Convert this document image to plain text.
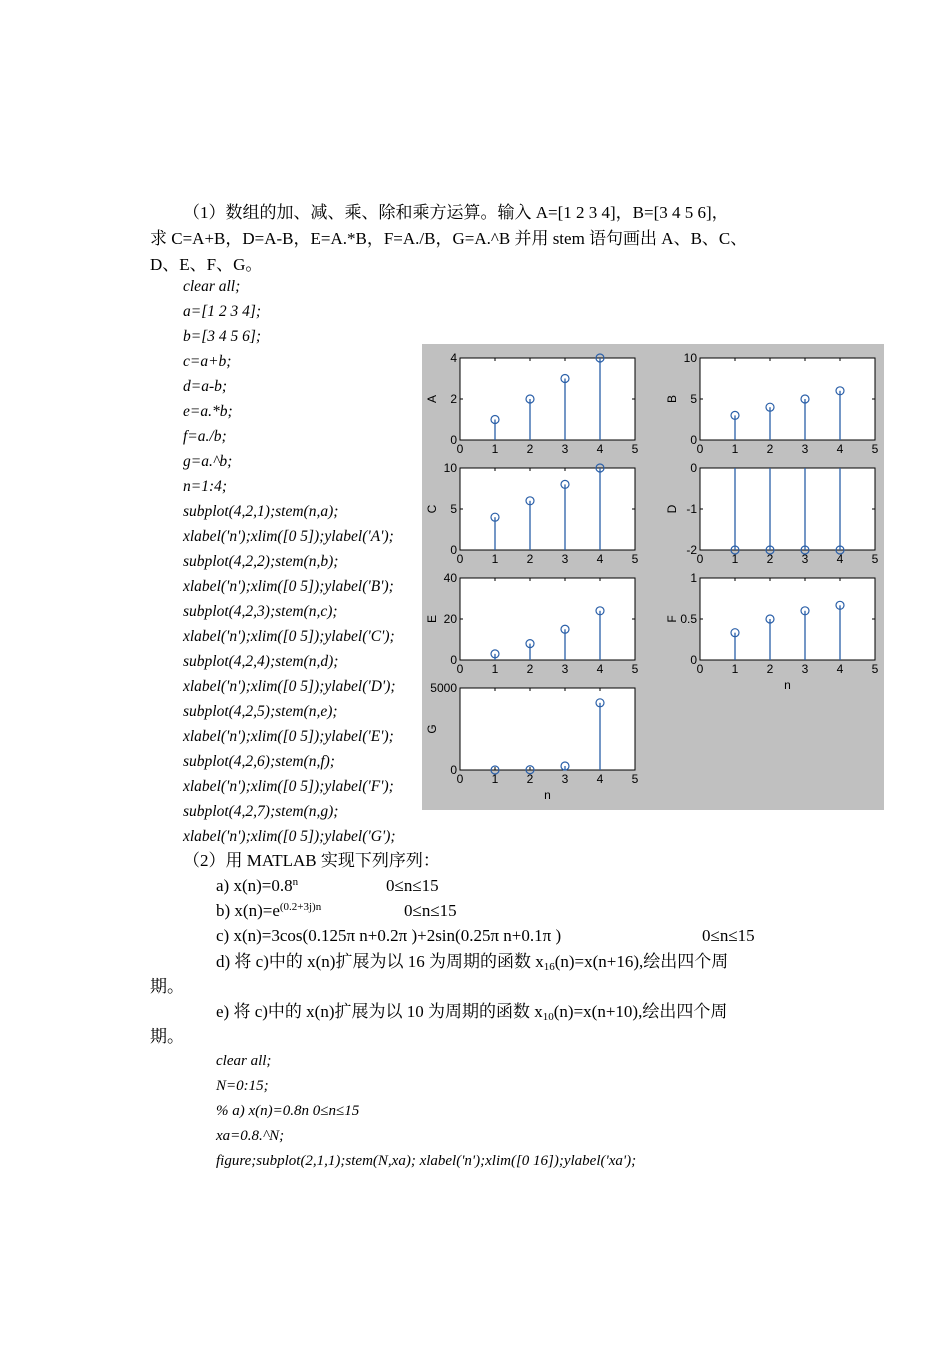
（1）数组的加、减、乘、除和乘方运算。输入 A=[1 2 3 4]，B=[3 4 5 6]，
求 C=A+B，D=A-B，E=A.*B，F=A./B，G=A.^B 并用 stem 语句画出 A、B、C、
D、E、F、G。
clear all;
a=[1 2 3 4];
b=[3 4 5 6];
c=a+b;
d=a-b;
e=a.*b;
f=a./b;
g=a.^b;
n=1:4;
subplot(4,2,1);stem(n,a);
xlabel('n');xlim([0 5]);ylabel('A');
subplot(4,2,2);stem(n,b);
xlabel('n');xlim([0 5]);ylabel('B');
subplot(4,2,3);stem(n,c);
xlabel('n');xlim([0 5]);ylabel('C');
subplot(4,2,4);stem(n,d);
xlabel('n');xlim([0 5]);ylabel('D');
subplot(4,2,5);stem(n,e);
xlabel('n');xlim([0 5]);ylabel('E');
subplot(4,2,6);stem(n,f);
xlabel('n');xlim([0 5]);ylabel('F');
subplot(4,2,7);stem(n,g);
xlabel('n');xlim([0 5]);ylabel('G');
0 1 2 3 4 5
0
2
4
A
0 1 2 3 4 5
0
5
10
B
0 1 2 3 4 5
0
5
10
C
0 1 2 3 4 5
-2
-1
0
D
0 1 2 3 4 5
0
20
40
E
0 1 2 3 4 5
0
0.5
1
F
n
0 1 2 3 4 5
0
5000
G
n
（2）用 MATLAB 实现下列序列：
a) $x(n)=0.8^n$	0≤n≤15
b) $x(n)=e^{(0.2+3j)n}$	0≤n≤15
c) x(n)=3cos(0.125π n+0.2π )+2sin(0.25π n+0.1π )	0≤n≤15
d) 将 c)中的 x(n)扩展为以 16 为周期的函数 $x_{16}(n)=x(n+16)$,绘出四个周
期。
e) 将 c)中的 x(n)扩展为以 10 为周期的函数 $x_{10}(n)=x(n+10)$,绘出四个周
期。
clear all;
N=0:15;
% a) x(n)=0.8n 0≤n≤15
xa=0.8.^N;
figure;subplot(2,1,1);stem(N,xa); xlabel('n');xlim([0 16]);ylabel('xa');
